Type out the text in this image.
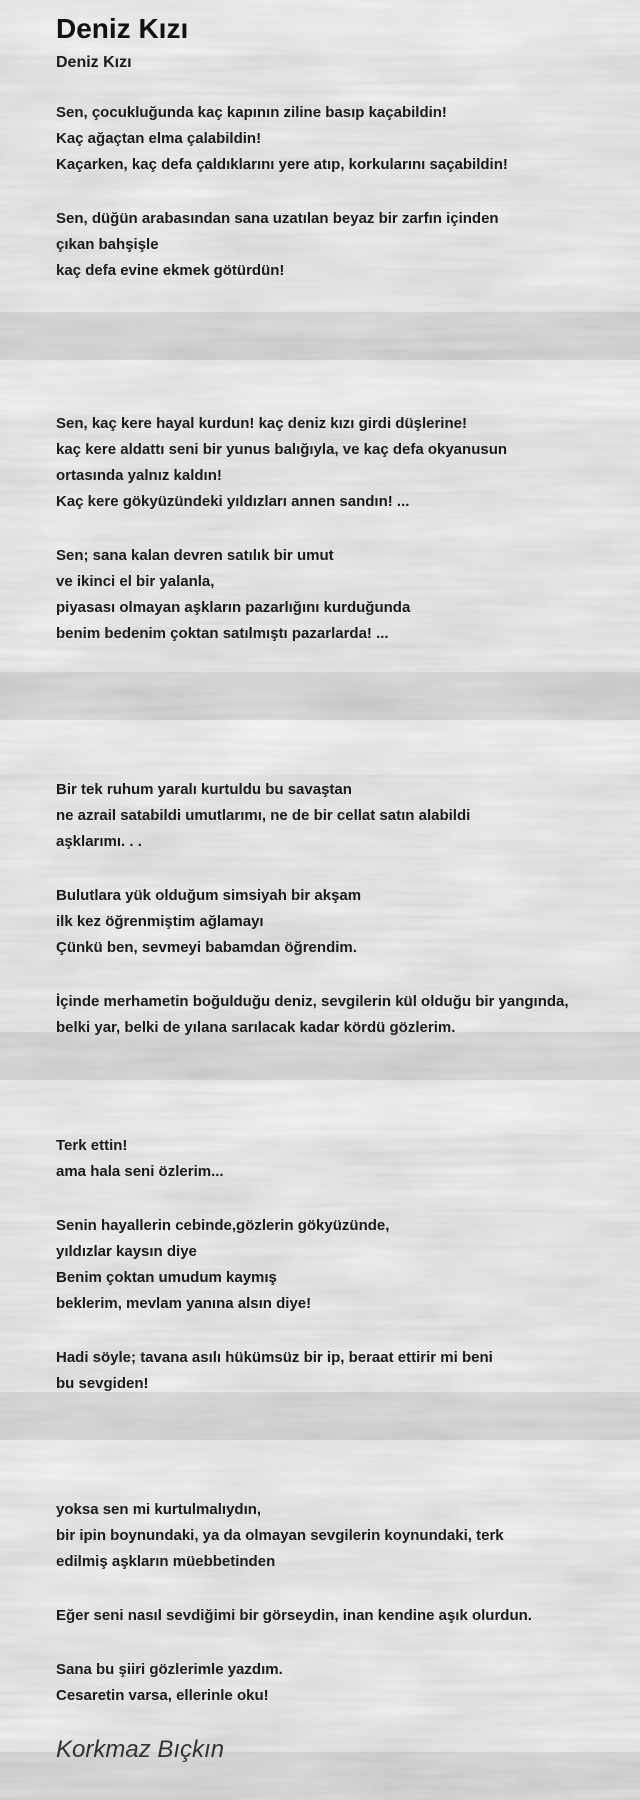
Deniz Kızı
Deniz Kızı

Sen, çocukluğunda kaç kapının ziline basıp kaçabildin!

Kaç ağaçtan elma çalabildin!

Kaçarken, kaç defa çaldıklarını yere atıp, korkularını saçabildin!

Sen, düğün arabasından sana uzatılan beyaz bir zarfın içinden

çıkan bahşişle

kaç defa evine ekmek götürdün!

Sen, kaç kere hayal kurdun! kaç deniz kızı girdi düşlerine!

kaç kere aldattı seni bir yunus balığıyla, ve kaç defa okyanusun

ortasında yalnız kaldın!

Kaç kere gökyüzündeki yıldızları annen sandın! ...

Sen; sana kalan devren satılık bir umut

ve ikinci el bir yalanla,

piyasası olmayan aşkların pazarlığını kurduğunda

benim bedenim çoktan satılmıştı pazarlarda! ...

Bir tek ruhum yaralı kurtuldu bu savaştan

ne azrail satabildi umutlarımı, ne de bir cellat satın alabildi

aşklarımı. . .

Bulutlara yük olduğum simsiyah bir akşam

ilk kez öğrenmiştim ağlamayı

Çünkü ben, sevmeyi babamdan öğrendim.

İçinde merhametin boğulduğu deniz, sevgilerin kül olduğu bir yangında,

belki yar, belki de yılana sarılacak kadar kördü gözlerim.

Terk ettin!

ama hala seni özlerim...

Senin hayallerin cebinde,gözlerin gökyüzünde,

yıldızlar kaysın diye

Benim çoktan umudum kaymış

beklerim, mevlam yanına alsın diye!

Hadi söyle; tavana asılı hükümsüz bir ip, beraat ettirir mi beni

bu sevgiden!

yoksa sen mi kurtulmalıydın,

bir ipin boynundaki, ya da olmayan sevgilerin koynundaki, terk

edilmiş aşkların müebbetinden

Eğer seni nasıl sevdiğimi bir görseydin, inan kendine aşık olurdun.

Sana bu şiiri gözlerimle yazdım.

Cesaretin varsa, ellerinle oku!

Korkmaz Bıçkın
